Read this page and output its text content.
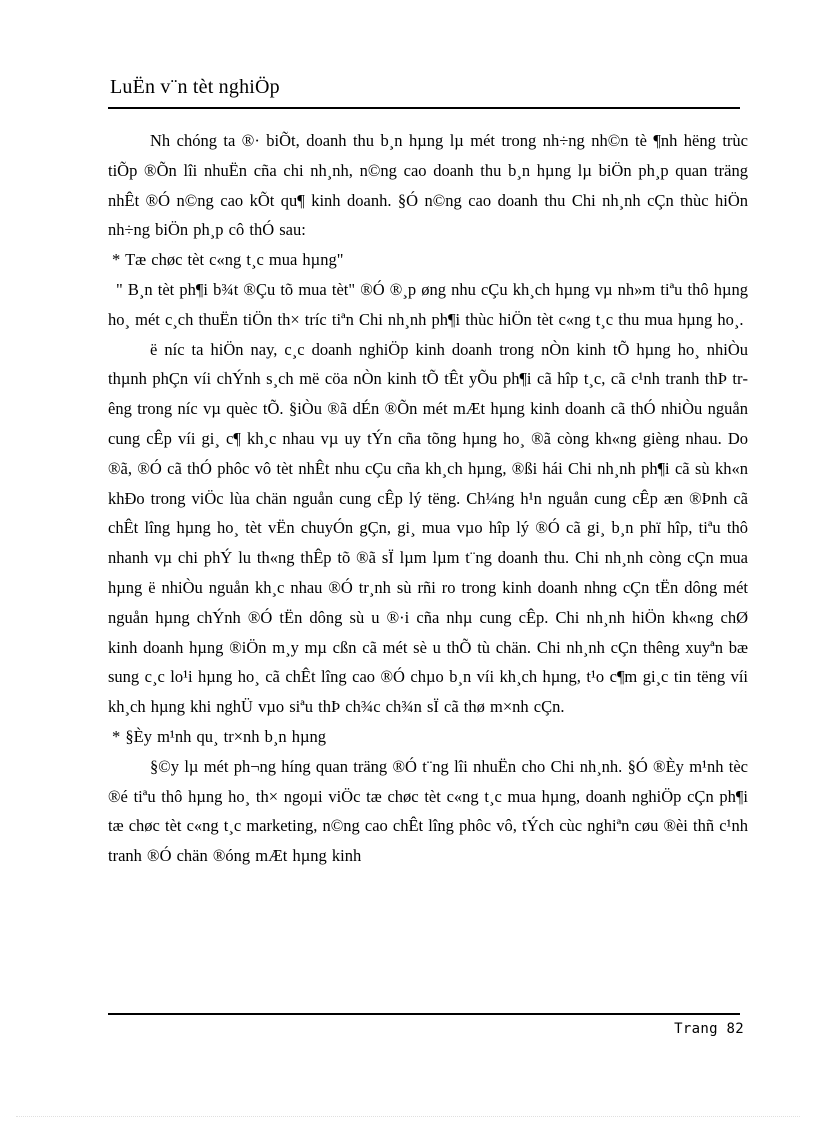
LuËn v¨n tèt nghiÖp

Nh chóng ta ®· biÕt, doanh thu b¸n hµng lµ mét trong nh÷ng nh©n tè ¶nh hëng trùc tiÕp ®Õn lîi nhuËn cña chi nh¸nh, n©ng cao doanh thu b¸n hµng lµ biÖn ph¸p quan träng nhÊt ®Ó n©ng cao kÕt qu¶ kinh doanh. §Ó n©ng cao doanh thu Chi nh¸nh cÇn thùc hiÖn nh÷ng biÖn ph¸p cô thÓ sau:

* Tæ chøc tèt c«ng t¸c mua hµng"

" B¸n tèt ph¶i b¾t ®Çu tõ mua tèt" ®Ó ®¸p øng nhu cÇu kh¸ch hµng vµ nh»m tiªu thô hµng ho¸ mét c¸ch thuËn tiÖn th× tríc tiªn Chi nh¸nh ph¶i thùc hiÖn tèt c«ng t¸c thu mua hµng ho¸.

ë níc ta hiÖn nay, c¸c doanh nghiÖp kinh doanh trong nÒn kinh tÕ hµng ho¸ nhiÒu thµnh phÇn víi chÝnh s¸ch më cöa nÒn kinh tÕ tÊt yÕu ph¶i cã hîp t¸c, cã c¹nh tranh thÞ trêng trong níc vµ quèc tÕ. §iÒu ®ã dÉn ®Õn mét mÆt hµng kinh doanh cã thÓ nhiÒu nguån cung cÊp víi gi¸ c¶ kh¸c nhau vµ uy tÝn cña tõng hµng ho¸ ®ã còng kh«ng gièng nhau. Do ®ã, ®Ó cã thÓ phôc vô tèt nhÊt nhu cÇu cña kh¸ch hµng, ®ßi hái Chi nh¸nh ph¶i cã sù kh«n khÐo trong viÖc lùa chän nguån cung cÊp lý tëng. Ch¼ng h¹n nguån cung cÊp æn ®Þnh cã chÊt lîng hµng ho¸ tèt vËn chuyÓn gÇn, gi¸ mua vµo hîp lý ®Ó cã gi¸ b¸n phï hîp, tiªu thô nhanh vµ chi phÝ lu th«ng thÊp tõ ®ã sÏ lµm lµm t¨ng doanh thu. Chi nh¸nh còng cÇn mua hµng ë nhiÒu nguån kh¸c nhau ®Ó tr¸nh sù rñi ro trong kinh doanh nhng cÇn tËn dông mét nguån hµng chÝnh ®Ó tËn dông sù u ®·i cña nhµ cung cÊp. Chi nh¸nh hiÖn kh«ng chØ kinh doanh hµng ®iÖn m¸y mµ cßn cã mét sè u thÕ tù chän. Chi nh¸nh cÇn thêng xuyªn bæ sung c¸c lo¹i hµng ho¸ cã chÊt lîng cao ®Ó chµo b¸n víi kh¸ch hµng, t¹o c¶m gi¸c tin tëng víi kh¸ch hµng khi nghÜ vµo siªu thÞ ch¾c ch¾n sÏ cã thø m×nh cÇn.

* §Èy m¹nh qu¸ tr×nh b¸n hµng

§©y lµ mét ph¬ng híng quan träng ®Ó t¨ng lîi nhuËn cho Chi nh¸nh. §Ó ®Èy m¹nh tèc ®é tiªu thô hµng ho¸ th× ngoµi viÖc tæ chøc tèt c«ng t¸c mua hµng, doanh nghiÖp cÇn ph¶i tæ chøc tèt c«ng t¸c marketing, n©ng cao chÊt lîng phôc vô, tÝch cùc nghiªn cøu ®èi thñ c¹nh tranh ®Ó chän ®óng mÆt hµng kinh

Trang 82
